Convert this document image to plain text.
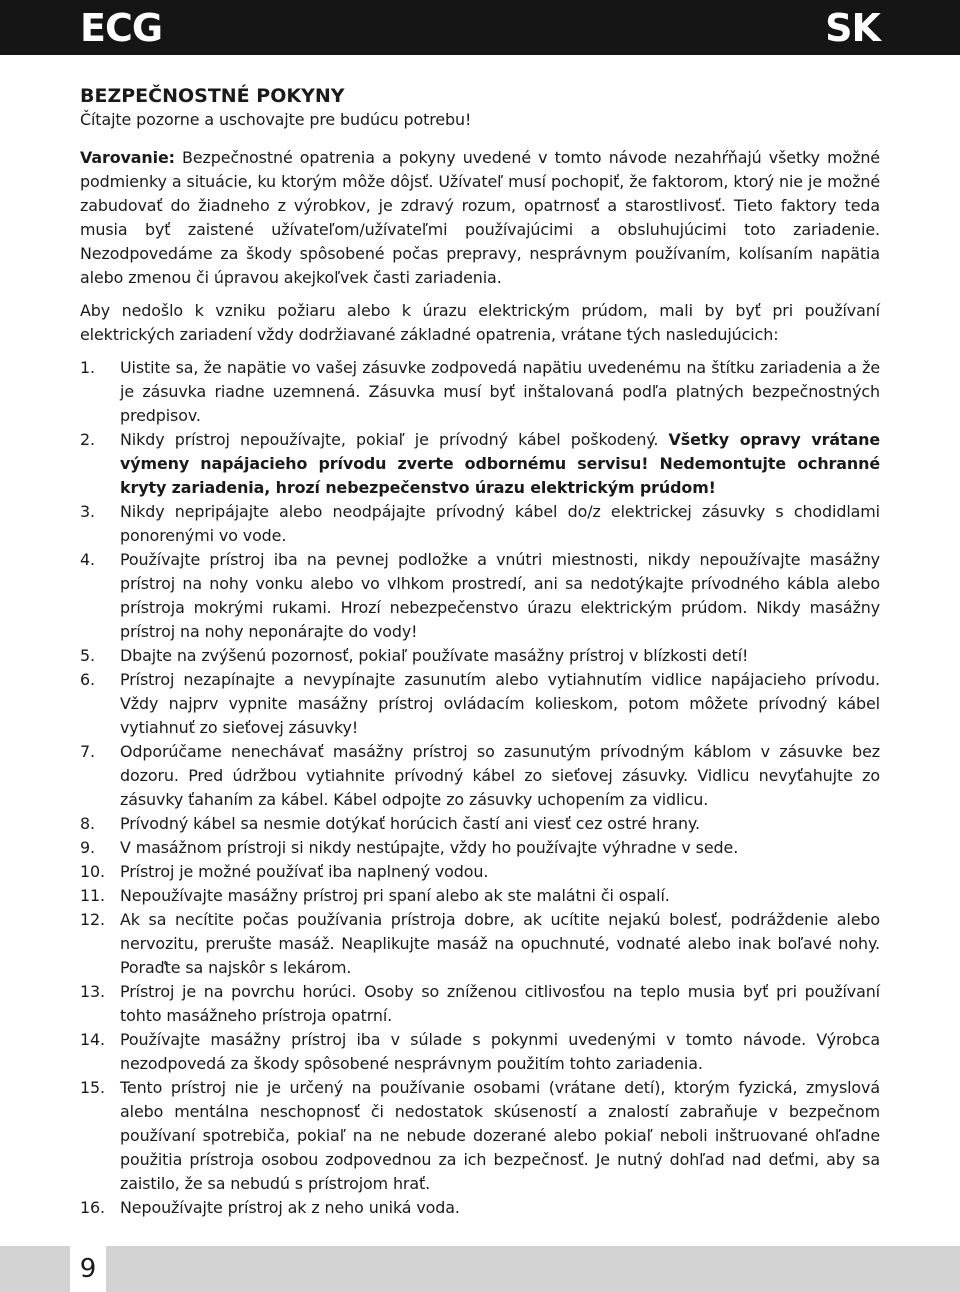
ECG	SK

BEZPEČNOSTNÉ POKYNY

Čítajte pozorne a uschovajte pre budúcu potrebu!

Varovanie: Bezpečnostné opatrenia a pokyny uvedené v tomto návode nezahŕňajú všetky možné podmienky a situácie, ku ktorým môže dôjsť. Užívateľ musí pochopiť, že faktorom, ktorý nie je možné zabudovať do žiadneho z výrobkov, je zdravý rozum, opatrnosť a starostlivosť. Tieto faktory teda musia byť zaistené užívateľom/užívateľmi používajúcimi a obsluhujúcimi toto zariadenie. Nezodpovedáme za škody spôsobené počas prepravy, nesprávnym používaním, kolísaním napätia alebo zmenou či úpravou akejkoľvek časti zariadenia.

Aby nedošlo k vzniku požiaru alebo k úrazu elektrickým prúdom, mali by byť pri používaní elektrických zariadení vždy dodržiavané základné opatrenia, vrátane tých nasledujúcich:

1.	Uistite sa, že napätie vo vašej zásuvke zodpovedá napätiu uvedenému na štítku zariadenia a že je zásuvka riadne uzemnená. Zásuvka musí byť inštalovaná podľa platných bezpečnostných predpisov.
2.	Nikdy prístroj nepoužívajte, pokiaľ je prívodný kábel poškodený. Všetky opravy vrátane výmeny napájacieho prívodu zverte odbornému servisu! Nedemontujte ochranné kryty zariadenia, hrozí nebezpečenstvo úrazu elektrickým prúdom!
3.	Nikdy nepripájajte alebo neodpájajte prívodný kábel do/z elektrickej zásuvky s chodidlami ponorenými vo vode.
4.	Používajte prístroj iba na pevnej podložke a vnútri miestnosti, nikdy nepoužívajte masážny prístroj na nohy vonku alebo vo vlhkom prostredí, ani sa nedotýkajte prívodného kábla alebo prístroja mokrými rukami. Hrozí nebezpečenstvo úrazu elektrickým prúdom. Nikdy masážny prístroj na nohy neponárajte do vody!
5.	Dbajte na zvýšenú pozornosť, pokiaľ používate masážny prístroj v blízkosti detí!
6.	Prístroj nezapínajte a nevypínajte zasunutím alebo vytiahnutím vidlice napájacieho prívodu. Vždy najprv vypnite masážny prístroj ovládacím kolieskom, potom môžete prívodný kábel vytiahnuť zo sieťovej zásuvky!
7.	Odporúčame nenechávať masážny prístroj so zasunutým prívodným káblom v zásuvke bez dozoru. Pred údržbou vytiahnite prívodný kábel zo sieťovej zásuvky. Vidlicu nevyťahujte zo zásuvky ťahaním za kábel. Kábel odpojte zo zásuvky uchopením za vidlicu.
8.	Prívodný kábel sa nesmie dotýkať horúcich častí ani viesť cez ostré hrany.
9.	V masážnom prístroji si nikdy nestúpajte, vždy ho používajte výhradne v sede.
10. Prístroj je možné používať iba naplnený vodou.
11. Nepoužívajte masážny prístroj pri spaní alebo ak ste malátni či ospalí.
12. Ak sa necítite počas používania prístroja dobre, ak ucítite nejakú bolesť, podráždenie alebo nervozitu, prerušte masáž. Neaplikujte masáž na opuchnuté, vodnaté alebo inak boľavé nohy. Poraďte sa najskôr s lekárom.
13. Prístroj je na povrchu horúci. Osoby so zníženou citlivosťou na teplo musia byť pri používaní tohto masážneho prístroja opatrní.
14. Používajte masážny prístroj iba v súlade s pokynmi uvedenými v tomto návode. Výrobca nezodpovedá za škody spôsobené nesprávnym použitím tohto zariadenia.
15. Tento prístroj nie je určený na používanie osobami (vrátane detí), ktorým fyzická, zmyslová alebo mentálna neschopnosť či nedostatok skúseností a znalostí zabraňuje v bezpečnom používaní spotrebiča, pokiaľ na ne nebude dozerané alebo pokiaľ neboli inštruované ohľadne použitia prístroja osobou zodpovednou za ich bezpečnosť. Je nutný dohľad nad deťmi, aby sa zaistilo, že sa nebudú s prístrojom hrať.
16. Nepoužívajte prístroj ak z neho uniká voda.
9
